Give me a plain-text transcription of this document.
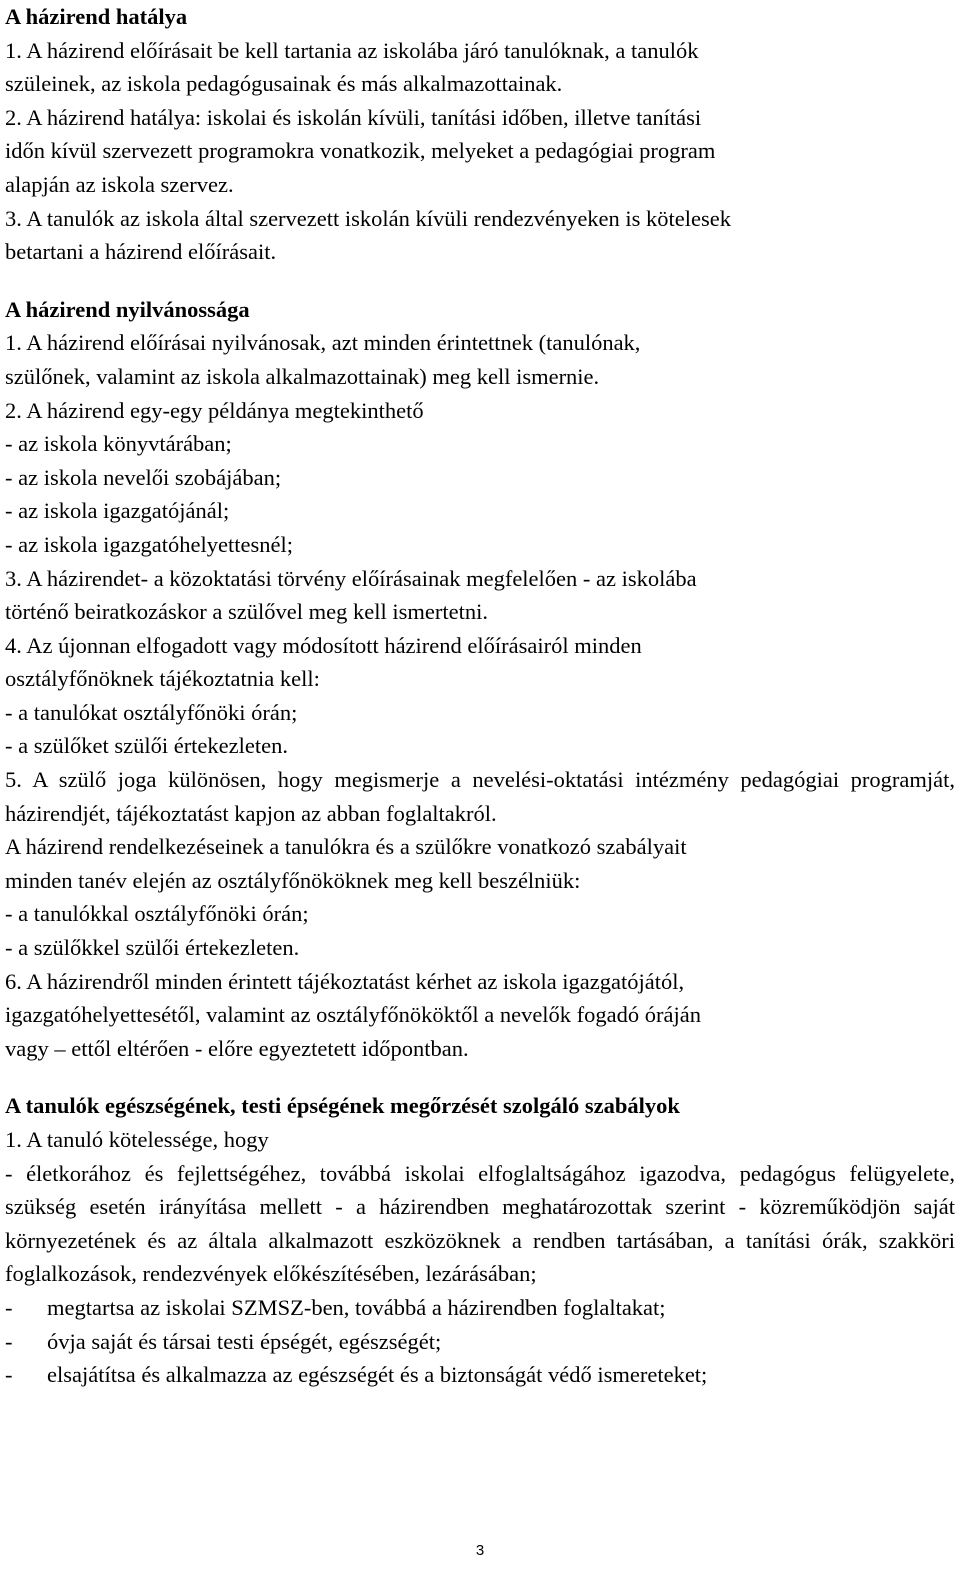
A házirend hatálya

1. A házirend előírásait be kell tartania az iskolába járó tanulóknak, a tanulók

szüleinek, az iskola pedagógusainak és más alkalmazottainak.

2. A házirend hatálya: iskolai és iskolán kívüli, tanítási időben, illetve tanítási

időn kívül szervezett programokra vonatkozik, melyeket a pedagógiai program

alapján az iskola szervez.

3. A tanulók az iskola által szervezett iskolán kívüli rendezvényeken is kötelesek

betartani a házirend előírásait.

A házirend nyilvánossága

1. A házirend előírásai nyilvánosak, azt minden érintettnek (tanulónak,

szülőnek, valamint az iskola alkalmazottainak) meg kell ismernie.

2. A házirend egy-egy példánya megtekinthető

- az iskola könyvtárában;

- az iskola nevelői szobájában;

- az iskola igazgatójánál;

- az iskola igazgatóhelyettesnél;

3. A házirendet- a közoktatási törvény előírásainak megfelelően - az iskolába

történő beiratkozáskor a szülővel meg kell ismertetni.

4. Az újonnan elfogadott vagy módosított házirend előírásairól minden

osztályfőnöknek tájékoztatnia kell:

- a tanulókat osztályfőnöki órán;

- a szülőket szülői értekezleten.

5. A szülő joga különösen, hogy megismerje a nevelési-oktatási intézmény pedagógiai programját, házirendjét, tájékoztatást kapjon az abban foglaltakról.

A házirend rendelkezéseinek a tanulókra és a szülőkre vonatkozó szabályait

minden tanév elején az osztályfőnököknek meg kell beszélniük:

- a tanulókkal osztályfőnöki órán;

- a szülőkkel szülői értekezleten.

6. A házirendről minden érintett tájékoztatást kérhet az iskola igazgatójától,

igazgatóhelyettesétől, valamint az osztályfőnököktől a nevelők fogadó óráján

vagy – ettől eltérően - előre egyeztetett időpontban.

A tanulók egészségének, testi épségének megőrzését szolgáló szabályok

1. A tanuló kötelessége, hogy

- életkorához és fejlettségéhez, továbbá iskolai elfoglaltságához igazodva, pedagógus felügyelete, szükség esetén irányítása mellett - a házirendben meghatározottak szerint - közreműködjön saját környezetének és az általa alkalmazott eszközöknek a rendben tartásában, a tanítási órák, szakköri foglalkozások, rendezvények előkészítésében, lezárásában;

-	megtartsa az iskolai SZMSZ-ben, továbbá a házirendben foglaltakat;
-	óvja saját és társai testi épségét, egészségét;
-	elsajátítsa és alkalmazza az egészségét és a biztonságát védő ismereteket;
3
